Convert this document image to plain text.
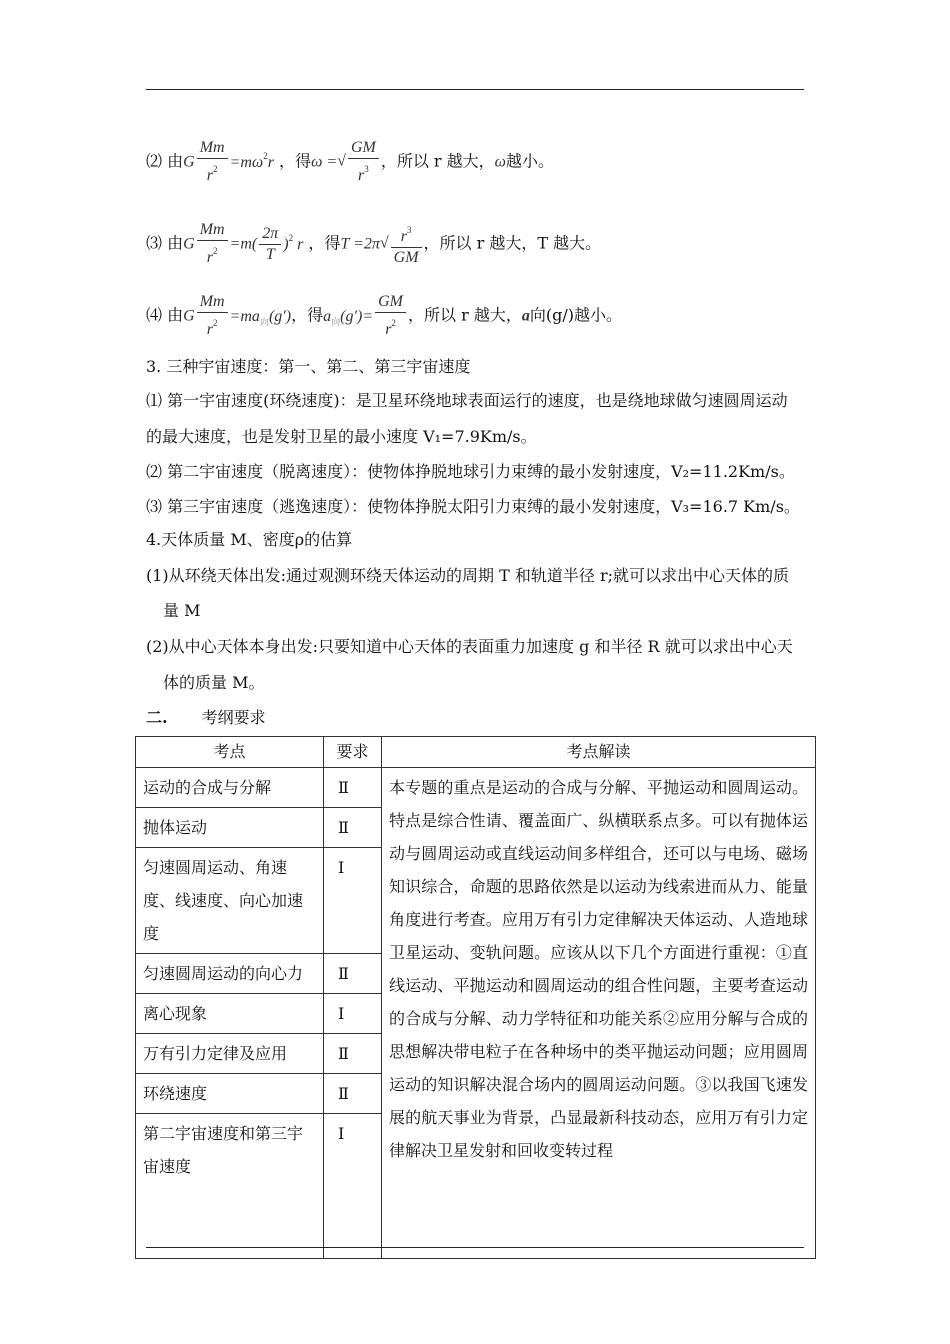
⑵ 由G $\frac{Mm}{r^2} =m\omega^2r$ ，得ω =√ $\frac{GM}{r^3}$ ，所以 r 越大，ω越小。
⑶ 由G $\frac{Mm}{r^2} =m( \frac{2\pi}{T} )^2$ r ，得$T =2\pi√ \frac{r^3}{GM}$ ，所以 r 越大，T 越大。
⑷ 由G $\frac{Mm}{r^2} =ma_向(g')$，得$a_向(g')= \frac{GM}{r^2}$ ，所以 r 越大，a向(g/)越小。
3. 三种宇宙速度：第一、第二、第三宇宙速度
⑴ 第一宇宙速度(环绕速度)：是卫星环绕地球表面运行的速度，也是绕地球做匀速圆周运动
的最大速度，也是发射卫星的最小速度 V₁=7.9Km/s。
⑵ 第二宇宙速度（脱离速度）：使物体挣脱地球引力束缚的最小发射速度，V₂=11.2Km/s。
⑶ 第三宇宙速度（逃逸速度）：使物体挣脱太阳引力束缚的最小发射速度，V₃=16.7 Km/s。
4.天体质量 M、密度ρ的估算
(1)从环绕天体出发:通过观测环绕天体运动的周期 T 和轨道半径 r;就可以求出中心天体的质
量 M
(2)从中心天体本身出发:只要知道中心天体的表面重力加速度 g 和半径 R 就可以求出中心天
体的质量 M。
二. 考纲要求
考点	要求	考点解读
运动的合成与分解	Ⅱ	本专题的重点是运动的合成与分解、平抛运动和圆周运动。特点是综合性请、覆盖面广、纵横联系点多。可以有抛体运动与圆周运动或直线运动间多样组合，还可以与电场、磁场知识综合，命题的思路依然是以运动为线索进而从力、能量角度进行考查。应用万有引力定律解决天体运动、人造地球卫星运动、变轨问题。应该从以下几个方面进行重视：①直线运动、平抛运动和圆周运动的组合性问题，主要考查运动的合成与分解、动力学特征和功能关系②应用分解与合成的思想解决带电粒子在各种场中的类平抛运动问题；应用圆周运动的知识解决混合场内的圆周运动问题。③以我国飞速发展的航天事业为背景，凸显最新科技动态，应用万有引力定律解决卫星发射和回收变转过程
抛体运动	Ⅱ	
匀速圆周运动、角速度、线速度、向心加速度	Ⅰ	
匀速圆周运动的向心力	Ⅱ	
离心现象	Ⅰ	
万有引力定律及应用	Ⅱ	
环绕速度	Ⅱ	
第二宇宙速度和第三宇宙速度	Ⅰ	
